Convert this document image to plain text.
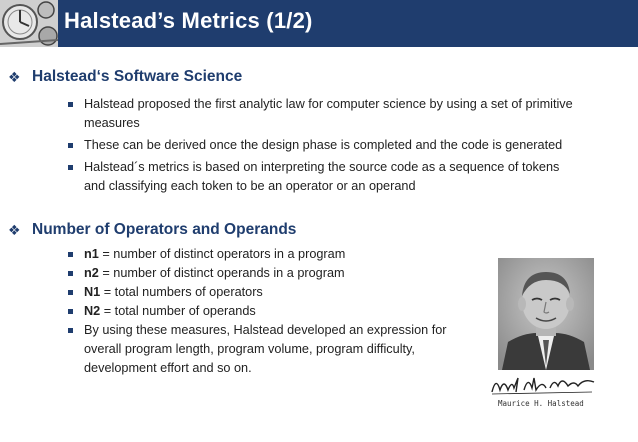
Halstead’s Metrics (1/2)
❖ Halstead‘s Software Science
Halstead proposed the first analytic law for computer science by using a set of primitive measures
These can be derived once the design phase is completed and the code is generated
Halstead´s metrics is based on interpreting the source code as a sequence of tokens and classifying each token to be an operator or an operand
❖ Number of Operators and Operands
n1 = number of distinct operators in a program
n2 = number of distinct operands in a program
N1 = total numbers of operators
N2 = total number of operands
By using these measures, Halstead developed an expression for overall program length, program volume, program difficulty, development effort and so on.
Maurice H. Halstead
